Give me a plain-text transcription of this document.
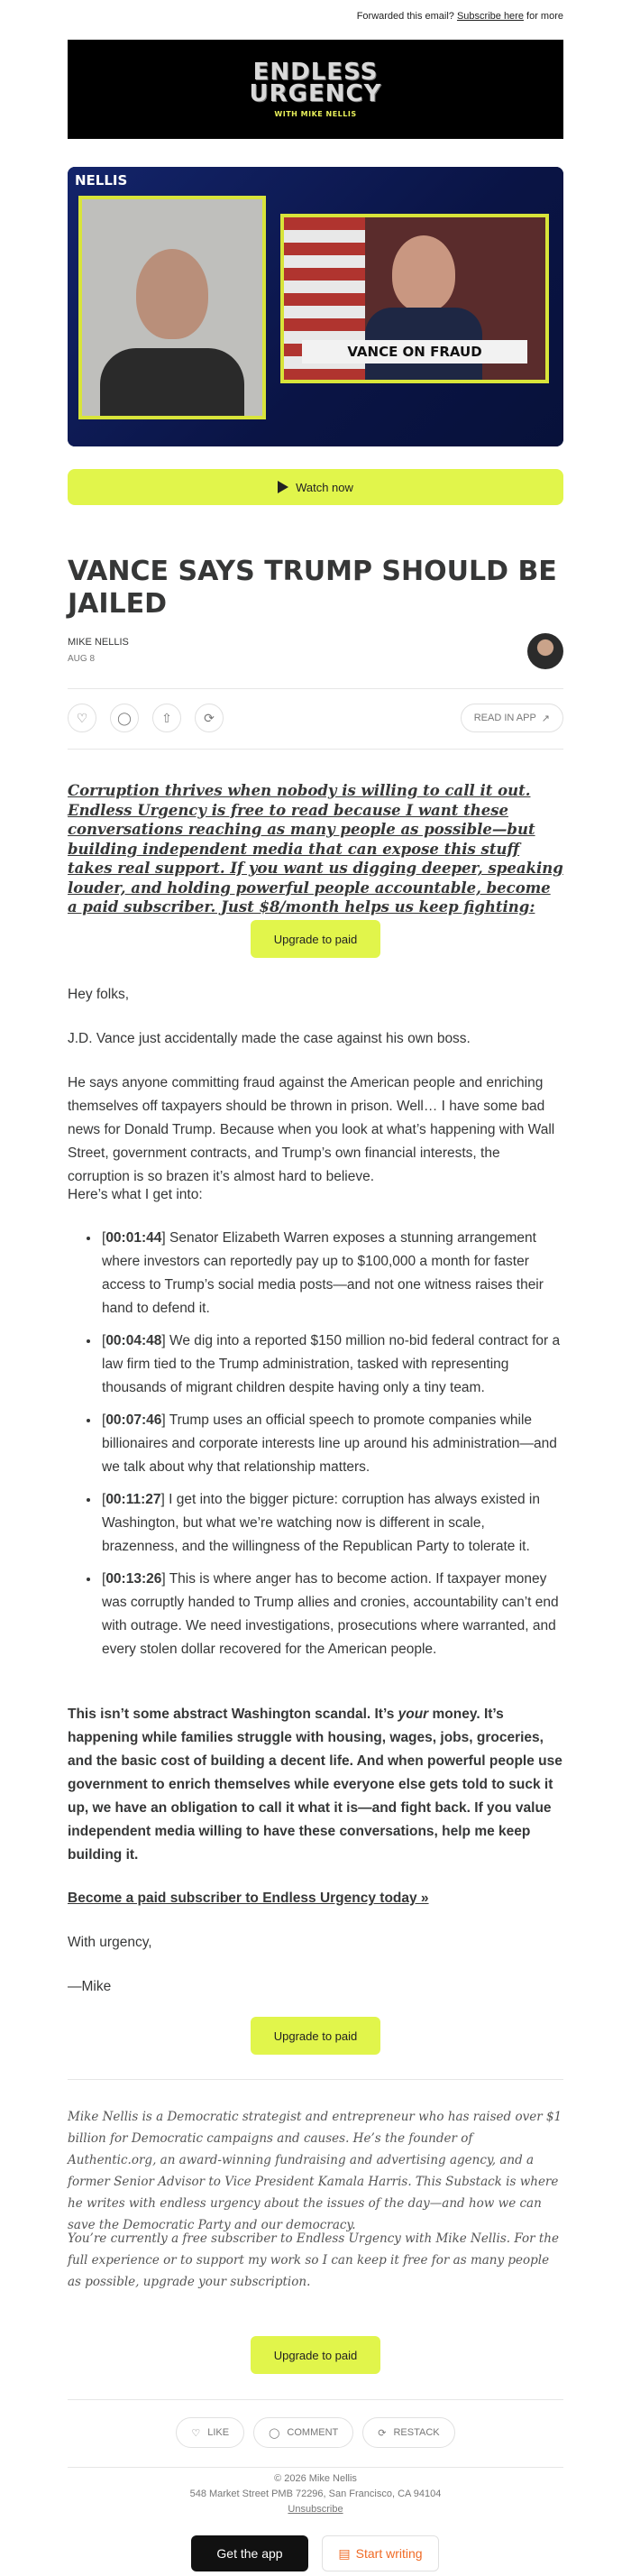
Forwarded this email? Subscribe here for more
ENDLESS
URGENCY
WITH MIKE NELLIS
NELLIS
VANCE ON FRAUD
Watch now
VANCE SAYS TRUMP SHOULD BE JAILED
MIKE NELLIS
AUG 8
♡ ◯ ⇧	⟳	READ IN APP ↗
Corruption thrives when nobody is willing to call it out. Endless Urgency is free to read because I want these conversations reaching as many people as possible—but building independent media that can expose this stuff takes real support. If you want us digging deeper, speaking louder, and holding powerful people accountable, become a paid subscriber. Just $8/month helps us keep fighting:
Upgrade to paid

Hey folks,

J.D. Vance just accidentally made the case against his own boss.

He says anyone committing fraud against the American people and enriching themselves off taxpayers should be thrown in prison. Well… I have some bad news for Donald Trump. Because when you look at what’s happening with Wall Street, government contracts, and Trump’s own financial interests, the corruption is so brazen it’s almost hard to believe.

Here’s what I get into:

• [00:01:44] Senator Elizabeth Warren exposes a stunning arrangement where investors can reportedly pay up to $100,000 a month for faster access to Trump’s social media posts—and not one witness raises their hand to defend it.
• [00:04:48] We dig into a reported $150 million no-bid federal contract for a law firm tied to the Trump administration, tasked with representing thousands of migrant children despite having only a tiny team.
• [00:07:46] Trump uses an official speech to promote companies while billionaires and corporate interests line up around his administration—and we talk about why that relationship matters.
• [00:11:27] I get into the bigger picture: corruption has always existed in Washington, but what we’re watching now is different in scale, brazenness, and the willingness of the Republican Party to tolerate it.
• [00:13:26] This is where anger has to become action. If taxpayer money was corruptly handed to Trump allies and cronies, accountability can’t end with outrage. We need investigations, prosecutions where warranted, and every stolen dollar recovered for the American people.

This isn’t some abstract Washington scandal. It’s your money. It’s happening while families struggle with housing, wages, jobs, groceries, and the basic cost of building a decent life. And when powerful people use government to enrich themselves while everyone else gets told to suck it up, we have an obligation to call it what it is—and fight back. If you value independent media willing to have these conversations, help me keep building it.

Become a paid subscriber to Endless Urgency today »

With urgency,

—Mike

Upgrade to paid

Mike Nellis is a Democratic strategist and entrepreneur who has raised over $1 billion for Democratic campaigns and causes. He’s the founder of Authentic.org, an award-winning fundraising and advertising agency, and a former Senior Advisor to Vice President Kamala Harris. This Substack is where he writes with endless urgency about the issues of the day—and how we can save the Democratic Party and our democracy.

You’re currently a free subscriber to Endless Urgency with Mike Nellis. For the full experience or to support my work so I can keep it free for as many people as possible, upgrade your subscription.

Upgrade to paid
♡ LIKE	◯ COMMENT	⟳ RESTACK
© 2026 Mike Nellis
548 Market Street PMB 72296, San Francisco, CA 94104
Unsubscribe
Get the app	▤ Start writing
